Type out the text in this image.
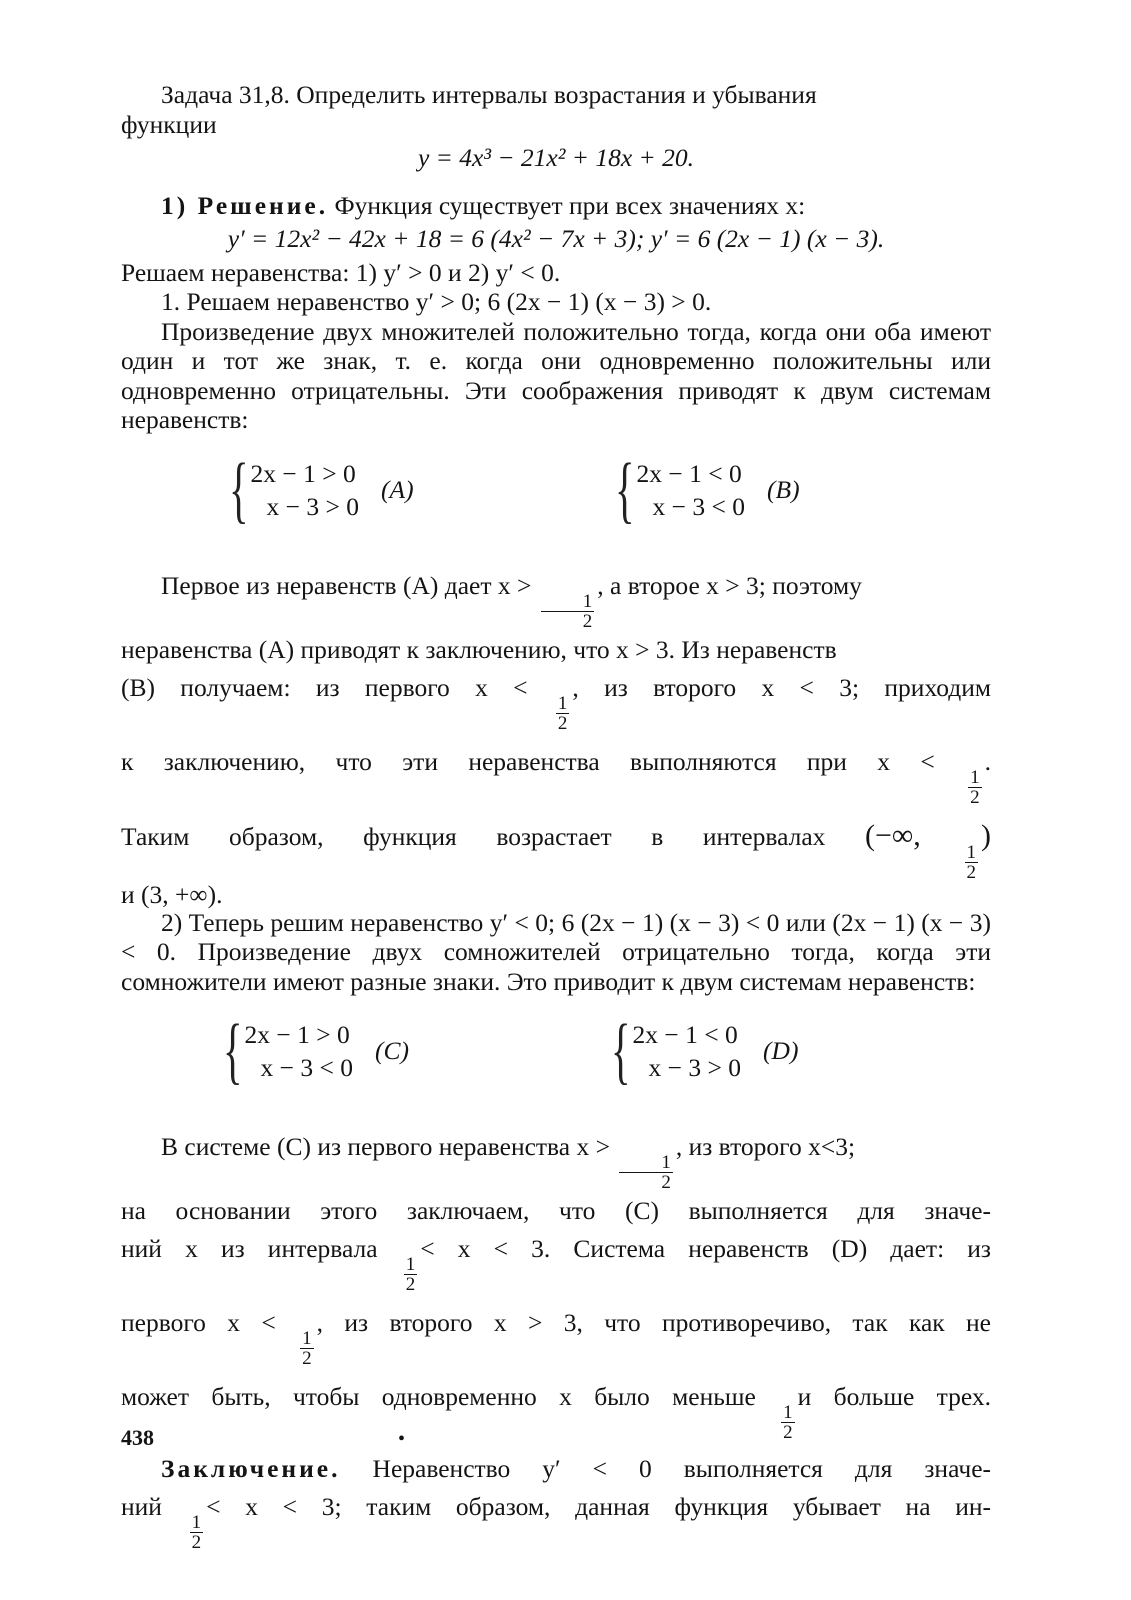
Задача 31,8. Определить интервалы возрастания и убывания

функции

y = 4x³ − 21x² + 18x + 20.

1) Решение. Функция существует при всех значениях x:

y′ = 12x² − 42x + 18 = 6 (4x² − 7x + 3); y′ = 6 (2x − 1) (x − 3).

Решаем неравенства: 1) y′ > 0 и 2) y′ < 0.

1. Решаем неравенство y′ > 0; 6 (2x − 1) (x − 3) > 0.

Произведение двух множителей положительно тогда, когда они оба имеют один и тот же знак, т. е. когда они одновременно положительны или одновременно отрицательны. Эти соображения приводят к двум системам неравенств:

{ 2x − 1 > 0
x − 3 > 0
(A)	{ 2x − 1 < 0
x − 3 < 0
(B)
Первое из неравенств (A) дает x >
$\frac{1}{2}$
, а второе x > 3; поэтому
неравенства (A) приводят к заключению, что x > 3. Из неравенств
(B) получаем: из первого x <
$\frac{1}{2}$
, из второго x < 3; приходим
к заключению, что эти неравенства выполняются при x <
$\frac{1}{2}$
.
Таким образом, функция возрастает в интервалах (−∞,
$\frac{1}{2}$
)
и (3, +∞).

2) Теперь решим неравенство y′ < 0; 6 (2x − 1) (x − 3) < 0 или (2x − 1) (x − 3) < 0. Произведение двух сомножителей отрицательно тогда, когда эти сомножители имеют разные знаки. Это приводит к двум системам неравенств:

{ 2x − 1 > 0
x − 3 < 0
(C)	{ 2x − 1 < 0
x − 3 > 0
(D)
В системе (C) из первого неравенства x >
$\frac{1}{2}$
, из второго x<3;
на основании этого заключаем, что (C) выполняется для значе-
ний x из интервала
$\frac{1}{2}$
< x < 3. Система неравенств (D) дает: из
первого x <
$\frac{1}{2}$
, из второго x > 3, что противоречиво, так как не
может быть, чтобы одновременно x было меньше
$\frac{1}{2}$
и больше трех.
Заключение. Неравенство y′ < 0 выполняется для значе-
ний
$\frac{1}{2}$
< x < 3; таким образом, данная функция убывает на ин-
438	•
